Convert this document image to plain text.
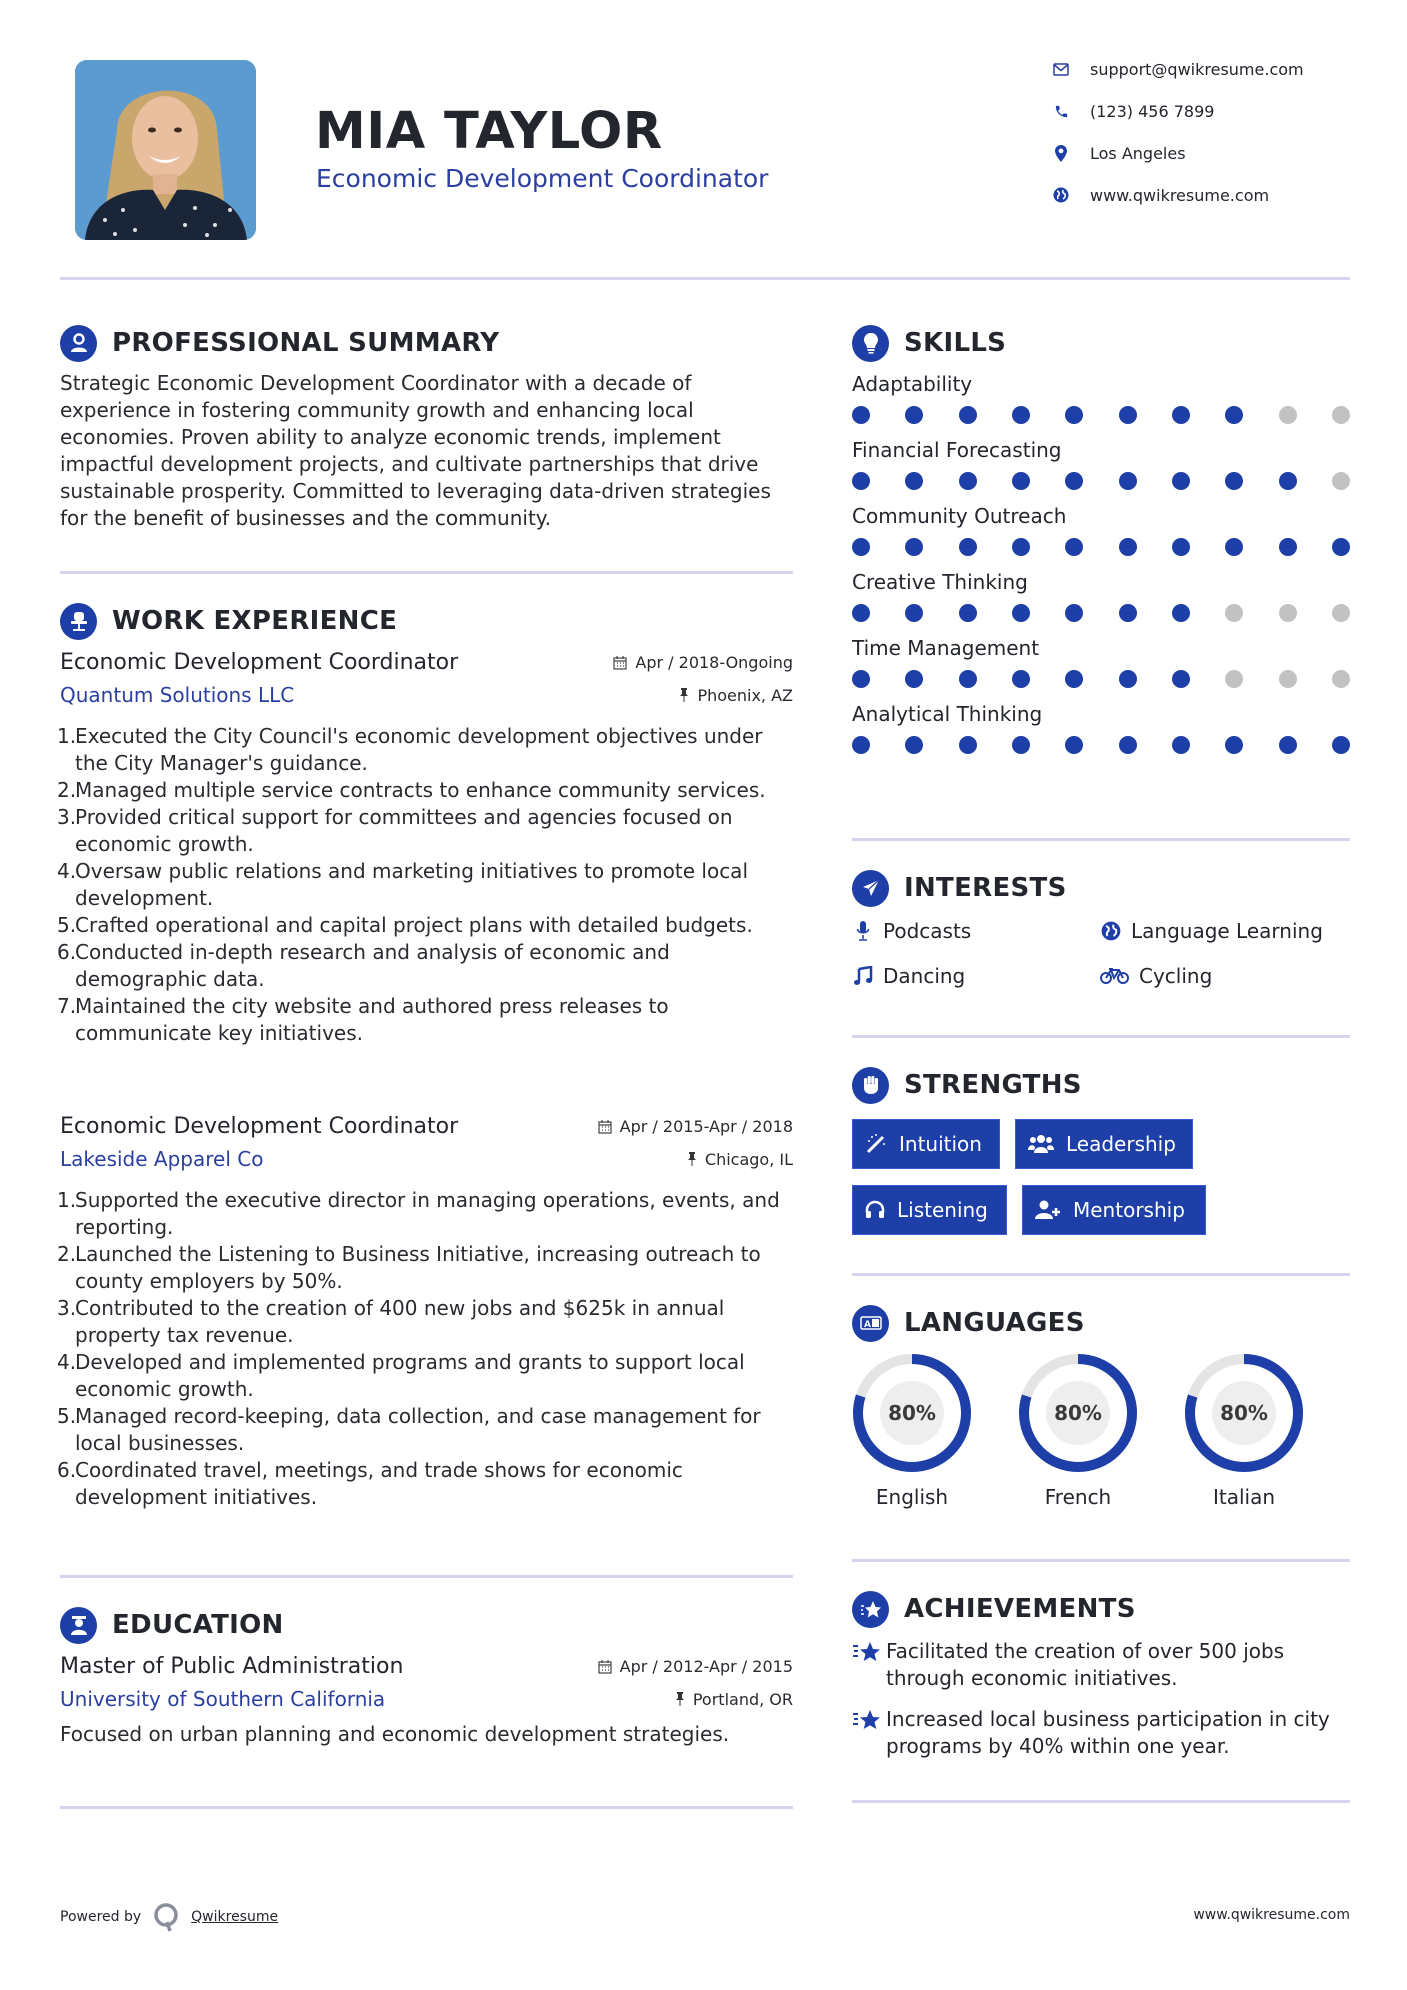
MIA TAYLOR
Economic Development Coordinator
support@qwikresume.com
(123) 456 7899
Los Angeles
www.qwikresume.com
PROFESSIONAL SUMMARY
Strategic Economic Development Coordinator with a decade of experience in fostering community growth and enhancing local economies. Proven ability to analyze economic trends, implement impactful development projects, and cultivate partnerships that drive sustainable prosperity. Committed to leveraging data-driven strategies for the benefit of businesses and the community.
WORK EXPERIENCE
Economic Development Coordinator	Apr / 2018-Ongoing
Quantum Solutions LLC	Phoenix, AZ
1.
Executed the City Council's economic development objectives under the City Manager's guidance.
2.
Managed multiple service contracts to enhance community services.
3.
Provided critical support for committees and agencies focused on economic growth.
4.
Oversaw public relations and marketing initiatives to promote local development.
5.
Crafted operational and capital project plans with detailed budgets.
6.
Conducted in-depth research and analysis of economic and demographic data.
7.
Maintained the city website and authored press releases to communicate key initiatives.
Economic Development Coordinator	Apr / 2015-Apr / 2018
Lakeside Apparel Co	Chicago, IL
1.
Supported the executive director in managing operations, events, and reporting.
2.
Launched the Listening to Business Initiative, increasing outreach to county employers by 50%.
3.
Contributed to the creation of 400 new jobs and $625k in annual property tax revenue.
4.
Developed and implemented programs and grants to support local economic growth.
5.
Managed record-keeping, data collection, and case management for local businesses.
6.
Coordinated travel, meetings, and trade shows for economic development initiatives.
EDUCATION
Master of Public Administration	Apr / 2012-Apr / 2015
University of Southern California	Portland, OR
Focused on urban planning and economic development strategies.
SKILLS
Adaptability
Financial Forecasting
Community Outreach
Creative Thinking
Time Management
Analytical Thinking
INTERESTS
Podcasts	Language Learning
Dancing	Cycling
STRENGTHS
Intuition	Leadership
Listening	Mentorship
A LANGUAGES
80%
English
80%
French
80%
Italian
ACHIEVEMENTS
Facilitated the creation of over 500 jobs through economic initiatives.
Increased local business participation in city programs by 40% within one year.
Powered by	Qwikresume	www.qwikresume.com
